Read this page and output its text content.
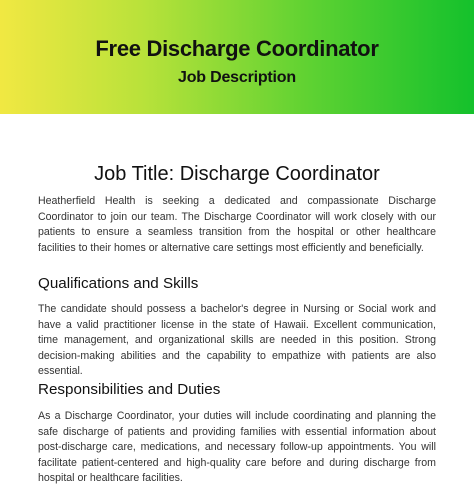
Free Discharge Coordinator
Job Description
Job Title: Discharge Coordinator

Heatherfield Health is seeking a dedicated and compassionate Discharge Coordinator to join our team. The Discharge Coordinator will work closely with our patients to ensure a seamless transition from the hospital or other healthcare facilities to their homes or alternative care settings most efficiently and beneficially.

Qualifications and Skills

The candidate should possess a bachelor's degree in Nursing or Social work and have a valid practitioner license in the state of Hawaii. Excellent communication, time management, and organizational skills are needed in this position. Strong decision-making abilities and the capability to empathize with patients are also essential.

Responsibilities and Duties

As a Discharge Coordinator, your duties will include coordinating and planning the safe discharge of patients and providing families with essential information about post-discharge care, medications, and necessary follow-up appointments. You will facilitate patient-centered and high-quality care before and during discharge from hospital or healthcare facilities.
